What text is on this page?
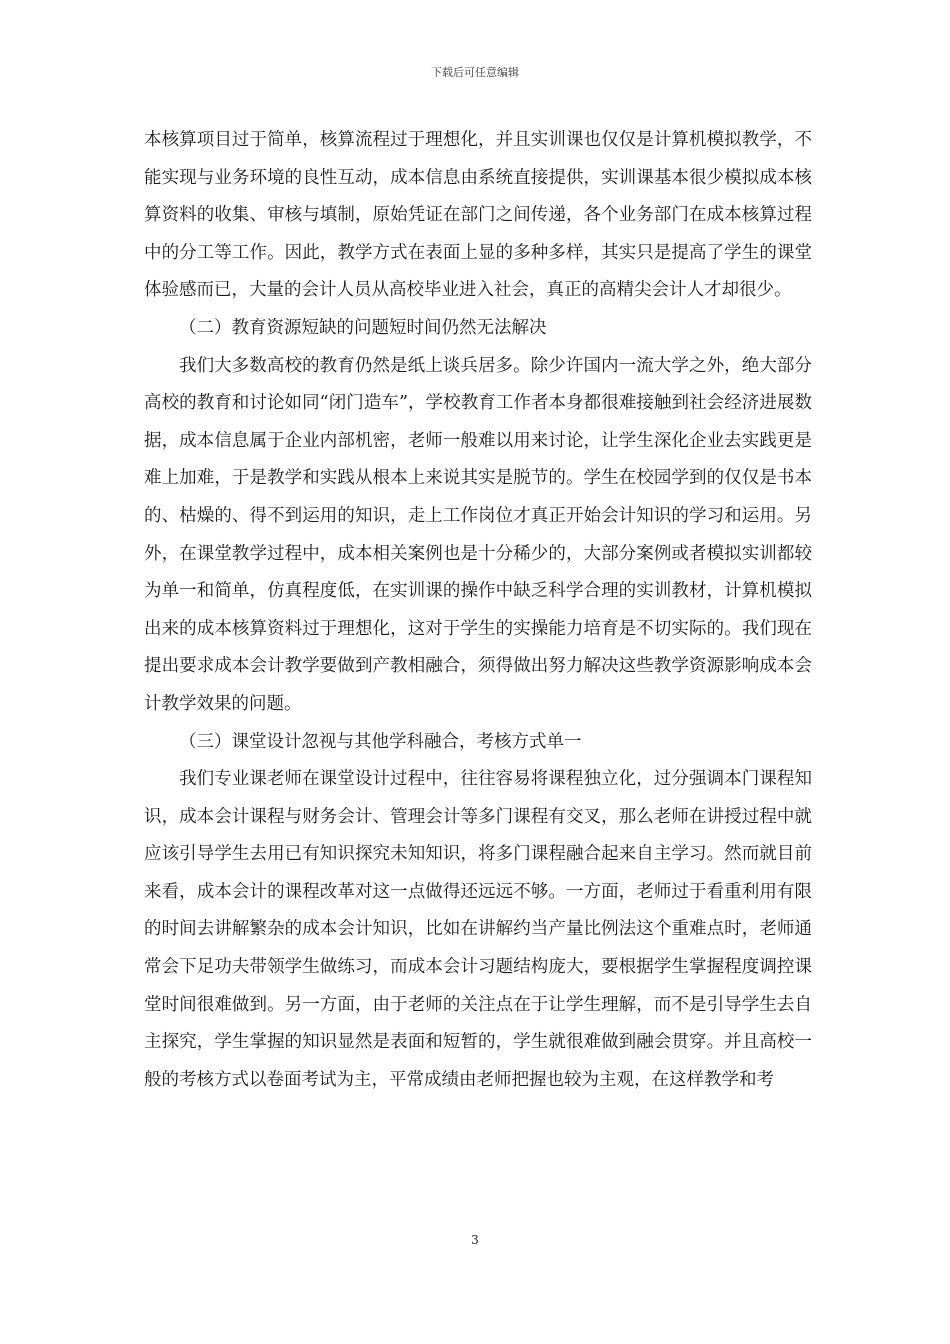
下载后可任意编辑

本核算项目过于简单，核算流程过于理想化，并且实训课也仅仅是计算机模拟教学，不能实现与业务环境的良性互动，成本信息由系统直接提供，实训课基本很少模拟成本核算资料的收集、审核与填制，原始凭证在部门之间传递，各个业务部门在成本核算过程中的分工等工作。因此，教学方式在表面上显的多种多样，其实只是提高了学生的课堂体验感而已，大量的会计人员从高校毕业进入社会，真正的高精尖会计人才却很少。

（二）教育资源短缺的问题短时间仍然无法解决

我们大多数高校的教育仍然是纸上谈兵居多。除少许国内一流大学之外，绝大部分高校的教育和讨论如同“闭门造车”，学校教育工作者本身都很难接触到社会经济进展数据，成本信息属于企业内部机密，老师一般难以用来讨论，让学生深化企业去实践更是难上加难，于是教学和实践从根本上来说其实是脱节的。学生在校园学到的仅仅是书本的、枯燥的、得不到运用的知识，走上工作岗位才真正开始会计知识的学习和运用。另外，在课堂教学过程中，成本相关案例也是十分稀少的，大部分案例或者模拟实训都较为单一和简单，仿真程度低，在实训课的操作中缺乏科学合理的实训教材，计算机模拟出来的成本核算资料过于理想化，这对于学生的实操能力培育是不切实际的。我们现在提出要求成本会计教学要做到产教相融合，须得做出努力解决这些教学资源影响成本会计教学效果的问题。

（三）课堂设计忽视与其他学科融合，考核方式单一

我们专业课老师在课堂设计过程中，往往容易将课程独立化，过分强调本门课程知识，成本会计课程与财务会计、管理会计等多门课程有交叉，那么老师在讲授过程中就应该引导学生去用已有知识探究未知知识，将多门课程融合起来自主学习。然而就目前来看，成本会计的课程改革对这一点做得还远远不够。一方面，老师过于看重利用有限的时间去讲解繁杂的成本会计知识，比如在讲解约当产量比例法这个重难点时，老师通常会下足功夫带领学生做练习，而成本会计习题结构庞大，要根据学生掌握程度调控课堂时间很难做到。另一方面，由于老师的关注点在于让学生理解，而不是引导学生去自主探究，学生掌握的知识显然是表面和短暂的，学生就很难做到融会贯穿。并且高校一般的考核方式以卷面考试为主，平常成绩由老师把握也较为主观，在这样教学和考

3
